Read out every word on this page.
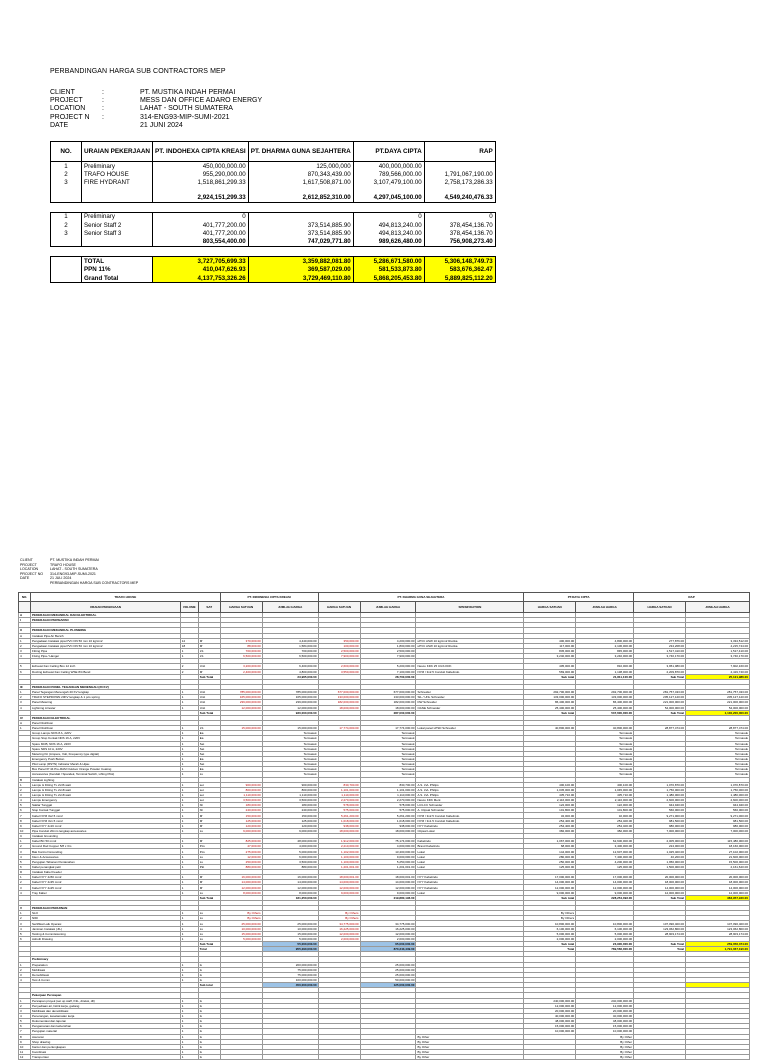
PERBANDINGAN HARGA SUB CONTRACTORS MEP
CLIENT	:	PT. MUSTIKA INDAH PERMAI
PROJECT	:	MESS DAN OFFICE ADARO ENERGY
LOCATION	:	LAHAT - SOUTH SUMATERA
PROJECT N	:	314-ENG93-MIP-SUMI-2021
DATE	21 JUNI 2024
NO.	URAIAN PEKERJAAN	PT. INDOHEXA CIPTA KREASI	PT. DHARMA GUNA SEJAHTERA	PT.DAYA CIPTA	RAP
1	Preliminary	450,000,000.00	125,000,000	400,000,000.00	
2	TRAFO HOUSE	955,290,000.00	870,343,439.00	789,566,000.00	1,791,067,190.00
3	FIRE HYDRANT	1,518,861,299.33	1,617,508,871.00	3,107,479,100.00	2,758,173,286.33

		2,924,151,299.33	2,612,852,310.00	4,297,045,100.00	4,549,240,476.33

1	Preliminary	0		0	0
2	Senior Staff 2	401,777,200.00	373,514,885.90	494,813,240.00	378,454,136.70
3	Senior Staff 3	401,777,200.00	373,514,885.90	494,813,240.00	378,454,136.70
		803,554,400.00	747,029,771.80	989,626,480.00	756,908,273.40

	TOTAL	3,727,705,699.33	3,359,882,081.80	5,286,671,580.00	5,306,148,749.73
	PPN 11%	410,047,626.93	369,587,029.00	581,533,873.80	583,676,362.47
	Grand Total	4,137,753,326.26	3,729,469,110.80	5,868,205,453.80	5,889,825,112.20
CLIENT	PT. MUSTIKA INDAH PERMAI
PROJECT	TRAFO HOUSE
LOCATION	LAHAT - SOUTH SUMATERA
PROJECT NO	314-ENG93-MIP-SUMI-2021
DATE	21 JULI 2024
PERBANDINGAN HARGA SUB CONTRACTORS MEP
NO.	TRAFO HOUSE			PT. INDONESIA CIPTA KREASI		PT. DHARMA GUNA SEJAHTERA			PT.DAYA CIPTA		RAP	
	URAIAN PEKERJAAN	VOLUME	SAT	HARGA SATUAN	JUMLAH HARGA	HARGA SATUAN	JUMLAH HARGA	SPESIFIKATION	HARGA SATUAN	JUMLAH HARGA	HARGA SATUAN	JUMLAH HARGA
A	PEKERJAAN MEKANIKAL DAN ELEKTRIKAL											
I	PEKERJAAN PERSIAPAN											

II	PEKERJAAN MEKANIKAL PLUMBING											
A	Instalasi Pipa Air Bersih											
1	Pengadaan Instalasi pipa PVC DN 50 mm 10 kg/cm2	12	M'	370,000.00	4,440,000.00	350,000.00	4,200,000.00	uPVC ASW 10 kg/cm2 Rucika	400,000.00	4,800,000.00	277,876.00	3,334,512.00
2	Pengadaan Instalasi pipa PVC DN 50 mm 10 kg/cm2	18	M'	88,000.00	1,584,000.00	100,000.00	1,800,000.00	uPVC ASW 10 kg/cm2 Rucika	117,000.00	2,106,000.00	234,208.00	4,215,744.00
3	Fitting Pipa	1	LS	700,000.00	700,000.00	2,500,000.00	2,500,000.00		845,000.00	845,000.00	1,517,410.00	1,517,410.00
4	Fixing Pipa / Hanger	1	LS	6,500,000.00	6,500,000.00	7,900,000.00	7,900,000.00		3,240,000.00	3,240,000.00	3,740,170.00	3,740,170.00

5	Exhaust Fan Ceiling Box 12 inch	2	Unit	3,200,000.00	6,400,000.00	2,600,000.00	5,200,000.00	Nesco KDK 25 CGS KDK	405,000.00	810,000.00	3,951,080.00	7,902,160.00
6	Ducting Exhaust Fan Ceiling WSE 8/4 Bend	2	M'	2,400,000.00	4,800,000.00	3,550,000.00	7,100,000.00	NYM / 3x2.5 Conduit Kabelindo	569,000.00	1,138,000.00	2,209,870.00	4,419,740.00
			Sub Total		23,965,000.00		28,700,000.00		Sub total	21,811,100.00	Sub Total	25,121,986.00

III	PEKERJAAN PANEL TEGANGAN MENENGAH (20 KV)											
1	Panel Tegangan Menengah 20 KV lengkap	1	Unit	785,000,000.00	785,000,000.00	677,000,000.00	677,000,000.00	Schneider	292,700,000.00	292,700,000.00	281,757,433.00	281,757,433.00
2	TRAFO STEPDOWN 20KV lengkap & 1 pcs spring	1	Unit	165,000,000.00	165,000,000.00	133,000,000.00	133,000,000.00	SIL / UNL Schneider	133,000,000.00	133,000,000.00	205,127,120.00	205,127,120.00
3	Panel Metering	1	Unit	239,000,000.00	239,000,000.00	182,000,000.00	182,000,000.00	DW Schneider	86,400,000.00	86,400,000.00	221,000,000.00	221,000,000.00
4	Lightning Arrester	1	Unit	12,000,000.00	12,000,000.00	18,000,000.00	18,000,000.00	OANE Schneider	25,400,000.00	25,400,000.00	54,000,000.00	54,000,000.00
			Sub Total		930,000,000.00		287,000,000.00		Sub total	537,600,000.00	Sub Total	1,130,200,000.00
IV	PEKERJAAN ELEKTRIKAL											
A	Panel Distribusi											
1	Panel Distribusi	1	LS	15,000,000.00	15,000,000.00	17,774,000.00	17,774,000.00	Lokal panel LPSD Schneider	40,800,000.00	40,800,000.00	28,877,474.00	28,877,474.00
	Group Lampu NDS 8 A, 220V	1	Ea		Termasuk		Termasuk			Termasuk		Termasuk
	Group Stop Kontak NDS 16 A, 220V	1	Ea		Termasuk		Termasuk			Termasuk		Termasuk
	Spare MCB, NDS 16 A, 220V	1	Set		Termasuk		Termasuk			Termasuk		Termasuk
	Spare NDS 10 A, 220V	1	Set		Termasuk		Termasuk			Termasuk		Termasuk
	Metering Kit (Ampere, Volt, Frequency type digital)	1	Set		Termasuk		Termasuk			Termasuk		Termasuk
	Emergency Push Button	1	Ea		Termasuk		Termasuk			Termasuk		Termasuk
	Pilot Lamp (RSTN) Indicator Merah & Hijau	1	Set		Termasuk		Termasuk			Termasuk		Termasuk
	Box Panel IP 44 Pre-RAM Outdoor Orange Powder Coating	1	Ea		Termasuk		Termasuk			Termasuk		Termasuk
	Accessories (Kendali / Spandek, Terminal Switch, Lifting Pilot)	1	Ls		Termasuk		Termasuk			Termasuk		Termasuk
B	Instalasi Lighting											
1	Lampu & Fitting TL 2x36 watt	1	set	900,000.00	900,000.00	830,700.00	830,700.00	A.S. LVL Philips	400,100.00	400,100.00	1,070,870.00	1,070,870.00
2	Lampu & Fitting TL 2x18 watt	1	set	800,000.00	800,000.00	1,101,000.00	1,101,000.00	A.S. LVL Philips	1,045,000.00	1,045,000.00	1,750,000.00	1,750,000.00
3	Lampu & Fitting TL 2x18 watt	1	set	1,110,000.00	1,110,000.00	1,110,000.00	1,110,000.00	A.S. LVL Philips	435,710.00	435,710.00	1,480,000.00	1,480,000.00
4	Lampu Emergency	1	set	3,500,000.00	3,500,000.00	2,270,000.00	2,270,000.00	Nesco KDK Merk	2,116,000.00	2,116,000.00	2,600,000.00	2,600,000.00
5	Saklar Tunggal	1	bh	180,000.00	180,000.00	578,000.00	578,000.00	LC/LCC Schneider	122,000.00	122,000.00	944,940.00	944,940.00
6	Stop Kontak Tunggal	1	bh	240,000.00	240,000.00	575,000.00	575,000.00	A. Clipsal Schneider	101,800.00	101,800.00	560,000.00	560,000.00
7	Kabel NYM 3x2.5 mm2	1	M'	150,000.00	150,000.00	5,261,200.00	5,261,200.00	NYM / 3x2.5 Conduit Kabelindo	32,000.00	32,000.00	9,271,000.00	9,271,000.00
8	Kabel NYM 3x1.5 mm2	1	M'	125,000.00	125,000.00	1,018,000.00	1,018,000.00	NYM / 3x1.5 Conduit Kabelindo	254,400.00	254,400.00	981,500.00	981,500.00
9	Kabel NYY 4x16 mm2	1	M'	120,000.00	120,000.00	938,000.00	938,000.00	NYY Kabelindo	254,400.00	254,400.00	980,000.00	980,000.00
10	Pipa Conduit 20mm lengkap accessories	1	Ls	9,000,000.00	9,000,000.00	18,000,000.00	18,000,000.00	Clipsal Lokal	382,000.00	382,000.00	7,000,000.00	7,000,000.00
C	Instalasi Grounding											
1	Kabel BC 50 mm2	1	M'	825,000.00	48,000,000.00	1,912,000.00	75,174,000.00	Kabelindo	1,067,000.00	62,600,000.00	2,005,000.00	115,480,000.00
2	Ground Rod Copper 5/8 x 3m	1	Pcs	47,000.00	4,000,000.00	2,210,000.00	4,000,000.00	Brand Kabelindo	68,000.00	3,400,000.00	224,000.00	18,160,000.00
3	Bak Kontrol Grounding	1	Pcs	275,000.00	5,000,000.00	1,102,000.00	13,400,000.00	Lokal	144,000.00	12,607,000.00	1,025,400.00	27,102,000.00
4	Klem & Accessories	1	Ls	12,000.00	6,000,000.00	1,100,000.00	9,000,000.00	Lokal	280,000.00	7,400,000.00	40,200.00	21,600,000.00
5	Pengujian Tahanan Pentanahan	1	Ls	250,000.00	3,500,000.00	1,100,000.00	5,250,000.00	Lokal	250,000.00	4,200,000.00	1,950,000.00	15,500,000.00
6	Kabel penangkal petir	1	Pkt	880,000.00	880,000.00	1,201,001.00	1,201,001.00	Lokal	125,000.00	125,000.00	1,500,000.00	2,161,620.00
D	Instalasi Kabel Feeder											
1	Kabel NYY 4x50 mm2	1	M'	16,000,000.00	16,000,000.00	18,000,001.00	18,000,001.00	NYY Kabelindo	17,000,000.00	17,000,000.00	20,000,000.00	20,000,000.00
2	Kabel NYY 4x35 mm2	1	M'	14,000,000.00	14,000,000.00	14,000,000.00	14,000,000.00	NYY Kabelindo	14,000,000.00	14,000,000.00	18,000,000.00	18,000,000.00
3	Kabel NYY 4x25 mm2	1	M'	12,000,000.00	12,000,000.00	12,000,000.00	12,000,000.00	NYY Kabelindo	12,000,000.00	12,000,000.00	14,000,000.00	14,000,000.00
4	Tray Kabel	1	Ls	8,000,000.00	8,000,000.00	9,000,000.00	9,000,000.00	Lokal	9,000,000.00	9,000,000.00	12,000,000.00	12,000,000.00
			Sub Total		181,250,000.00		219,880,196.00		Sub total	228,254,093.00	Sub Total	383,957,940.00

V	PEKERJAAN PERIJINAN											
1	SLO	1	Ls	By Others		By Others			By Others			
2	NIDI	1	Ls	By Others		By Others			By Others			
3	Sertifikat Laik Operasi	1	Ls	25,000,000.00	25,000,000.00	34,775,000.00	34,775,000.00		10,800,000.00	10,800,000.00	107,090,400.00	107,090,400.00
4	Jaminan Instalasi (JIL)	1	Ls	10,000,000.00	10,000,000.00	16,225,000.00	16,225,000.00		6,100,000.00	6,100,000.00	123,062,800.00	123,062,800.00
5	Testing & Commissioning	1	Ls	15,000,000.00	15,000,000.00	12,000,000.00	12,000,000.00		5,000,000.00	5,000,000.00	28,903,174.00	28,903,174.00
6	Asbuilt Drawing	1	Ls	5,000,000.00	5,000,000.00	2,000,000.00	2,000,000.00		2,000,000.00	2,000,000.00		
			Sub Total		55,000,000.00		65,000,000.00		Sub total	23,900,000.00	Sub Total	259,056,374.00
			Total		955,290,000.00		870,343,439.00		Total	789,566,000.00	Total	1,791,067,190.00

	Preliminary											
1	Preparation	1	ls		200,000,000.00		25,000,000.00					
2	Mobilisasi	1	ls		75,000,000.00		25,000,000.00					
3	Demobilisasi	1	ls		75,000,000.00		25,000,000.00					
4	Test & Comm	1	ls		100,000,000.00		50,000,000.00					
			Sub total		450,000,000.00		125,000,000.00					

	Pekerjaan Persiapan											
1	Persiapan proyek (set up staff, K3L, direksi, dll)	1	ls						240,000,000.00	240,000,000.00		
2	Penyediaan air, listrik kerja, gudang	1	ls						12,000,000.00	12,000,000.00		
3	Mobilisasi dan demobilisasi	1	ls						20,000,000.00	20,000,000.00		
4	Penerangan, keselamatan kerja	1	ls						40,000,000.00	40,000,000.00		
5	Dokumentasi dan laporan	1	ls						48,000,000.00	48,000,000.00		
6	Pengamanan dan kebersihan	1	ls						15,000,000.00	15,000,000.00		
7	Pengujian material	1	ls						10,000,000.00	10,000,000.00		
8	Asuransi	1	ls					By Other		By Other		
9	Shop drawing	1	ls					By Other		By Other		
10	Kantor dan perlengkapan	1	ls					By Other		By Other		
11	Koordinasi	1	ls					By Other		By Other		
12	Transportasi	1	ls					By Other		By Other		
